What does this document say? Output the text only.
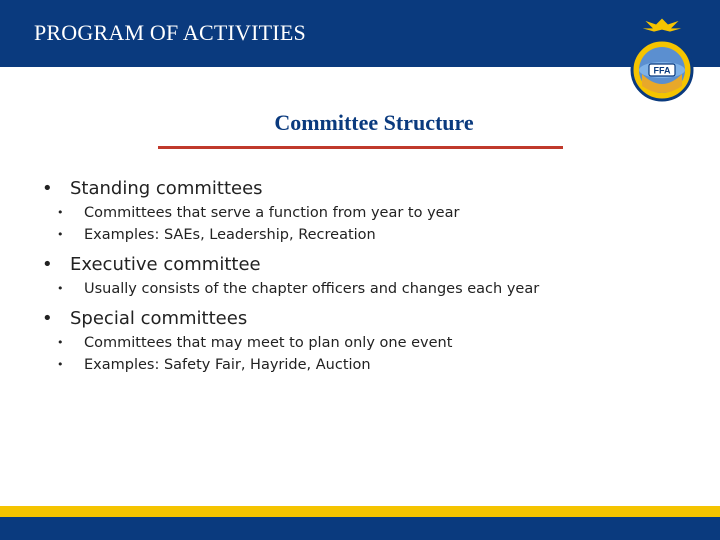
PROGRAM OF ACTIVITIES
FFA
Committee Structure
• Standing committees
• Committees that serve a function from year to year
• Examples: SAEs, Leadership, Recreation
• Executive committee
• Usually consists of the chapter officers and changes each year
• Special committees
• Committees that may meet to plan only one event
• Examples: Safety Fair, Hayride, Auction
